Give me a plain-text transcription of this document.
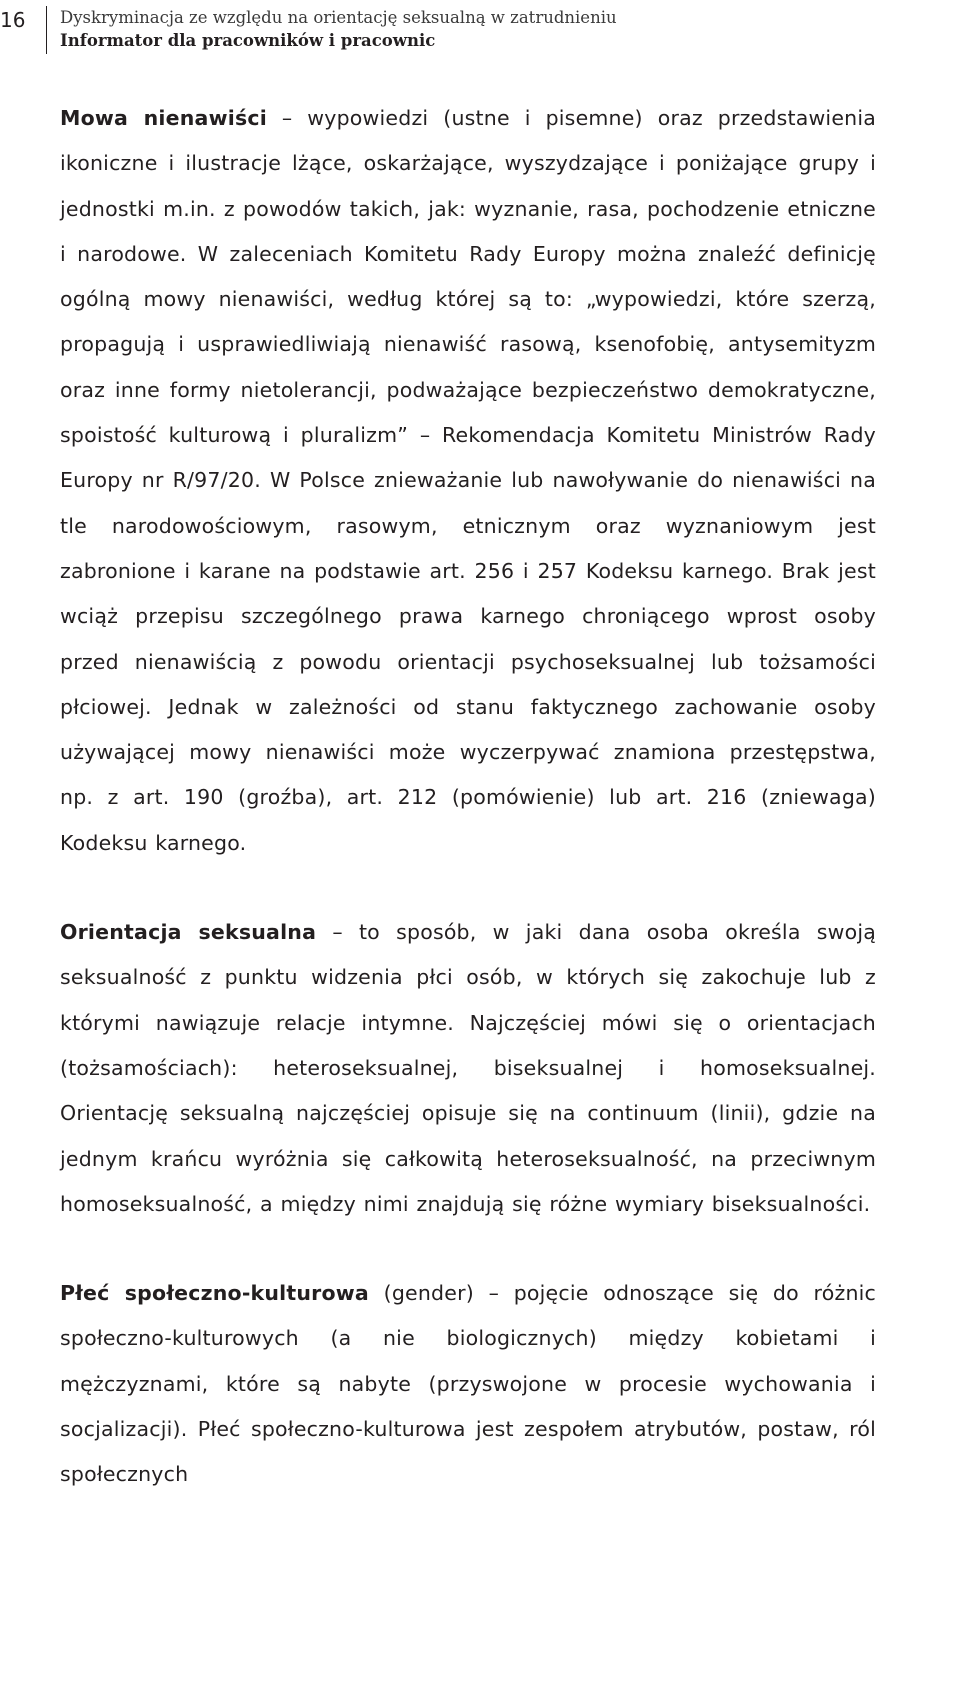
16	Dyskryminacja ze względu na orientację seksualną w zatrudnieniu
Informator dla pracowników i pracownic

Mowa nienawiści – wypowiedzi (ustne i pisemne) oraz przedstawienia ikoniczne i ilustracje lżące, oskarżające, wyszydzające i poniżające grupy i jednostki m.in. z powodów takich, jak: wyznanie, rasa, pochodzenie etniczne i narodowe. W zaleceniach Komitetu Rady Europy można znaleźć definicję ogólną mowy nienawiści, według której są to: „wypowiedzi, które szerzą, propagują i usprawiedliwiają nienawiść rasową, ksenofobię, antysemityzm oraz inne formy nietolerancji, podważające bezpieczeństwo demokratyczne, spoistość kulturową i pluralizm” – Rekomendacja Komitetu Ministrów Rady Europy nr R/97/20. W Polsce znieważanie lub nawoływanie do nienawiści na tle narodowościowym, rasowym, etnicznym oraz wyznaniowym jest zabronione i karane na podstawie art. 256 i 257 Kodeksu karnego. Brak jest wciąż przepisu szczególnego prawa karnego chroniącego wprost osoby przed nienawiścią z powodu orientacji psychoseksualnej lub tożsamości płciowej. Jednak w zależności od stanu faktycznego zachowanie osoby używającej mowy nienawiści może wyczerpywać znamiona przestępstwa, np. z art. 190 (groźba), art. 212 (pomówienie) lub art. 216 (zniewaga) Kodeksu karnego.

Orientacja seksualna – to sposób, w jaki dana osoba określa swoją seksualność z punktu widzenia płci osób, w których się zakochuje lub z którymi nawiązuje relacje intymne. Najczęściej mówi się o orientacjach (tożsamościach): heteroseksualnej, biseksualnej i homoseksualnej. Orientację seksualną najczęściej opisuje się na continuum (linii), gdzie na jednym krańcu wyróżnia się całkowitą heteroseksualność, na przeciwnym homoseksualność, a między nimi znajdują się różne wymiary biseksualności.

Płeć społeczno-kulturowa (gender) – pojęcie odnoszące się do różnic społeczno-kulturowych (a nie biologicznych) między kobietami i mężczyznami, które są nabyte (przyswojone w procesie wychowania i socjalizacji). Płeć społeczno-kulturowa jest zespołem atrybutów, postaw, ról społecznych
